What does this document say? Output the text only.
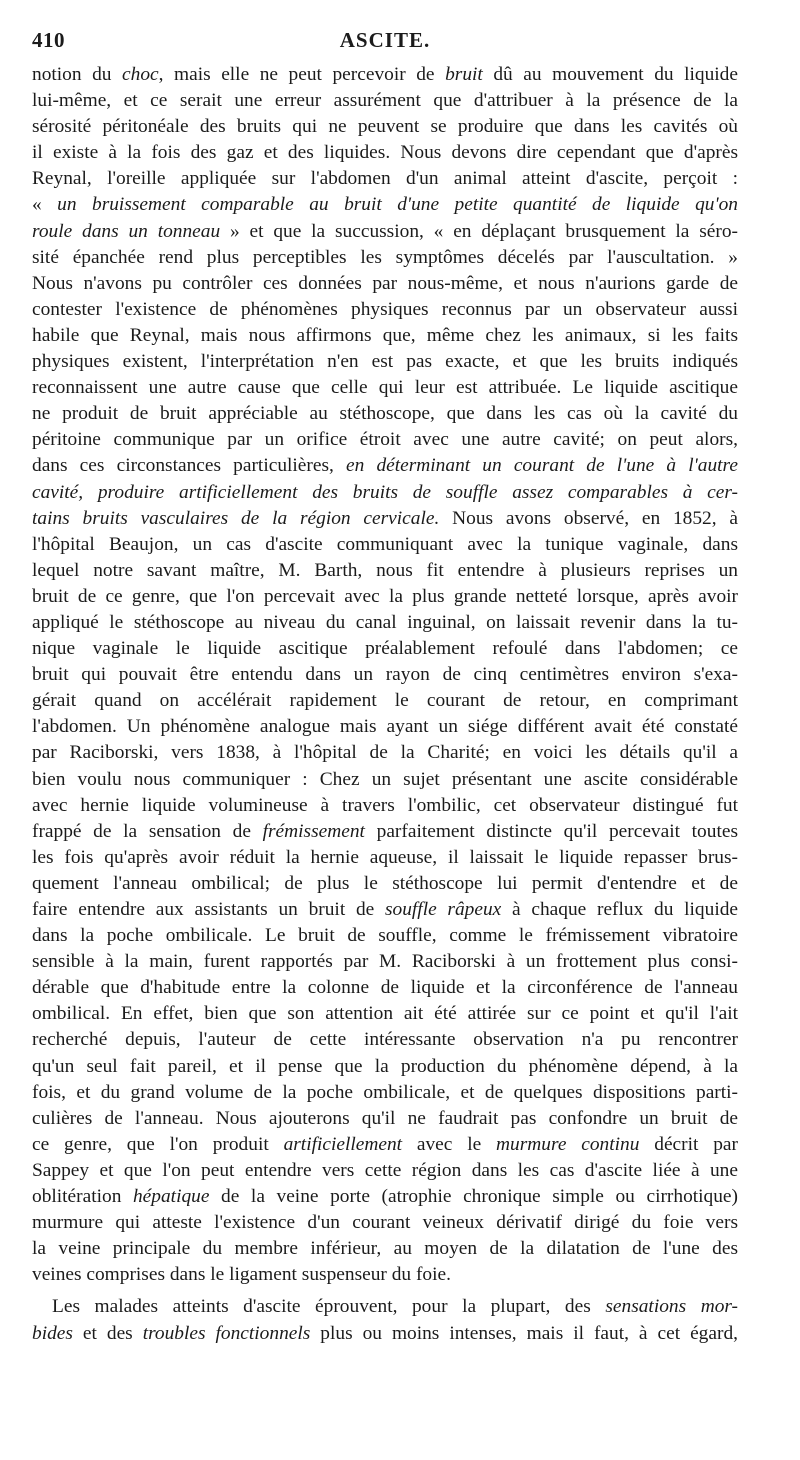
410	ASCITE.
notion du choc, mais elle ne peut percevoir de bruit dû au mouvement du liquide
lui-même, et ce serait une erreur assurément que d'attribuer à la présence de la
sérosité péritonéale des bruits qui ne peuvent se produire que dans les cavités où
il existe à la fois des gaz et des liquides. Nous devons dire cependant que d'après
Reynal, l'oreille appliquée sur l'abdomen d'un animal atteint d'ascite, perçoit :
« un bruissement comparable au bruit d'une petite quantité de liquide qu'on
roule dans un tonneau » et que la succussion, « en déplaçant brusquement la séro-
sité épanchée rend plus perceptibles les symptômes décelés par l'auscultation. »
Nous n'avons pu contrôler ces données par nous-même, et nous n'aurions garde de
contester l'existence de phénomènes physiques reconnus par un observateur aussi
habile que Reynal, mais nous affirmons que, même chez les animaux, si les faits
physiques existent, l'interprétation n'en est pas exacte, et que les bruits indiqués
reconnaissent une autre cause que celle qui leur est attribuée. Le liquide ascitique
ne produit de bruit appréciable au stéthoscope, que dans les cas où la cavité du
péritoine communique par un orifice étroit avec une autre cavité; on peut alors,
dans ces circonstances particulières, en déterminant un courant de l'une à l'autre
cavité, produire artificiellement des bruits de souffle assez comparables à cer-
tains bruits vasculaires de la région cervicale. Nous avons observé, en 1852, à
l'hôpital Beaujon, un cas d'ascite communiquant avec la tunique vaginale, dans
lequel notre savant maître, M. Barth, nous fit entendre à plusieurs reprises un
bruit de ce genre, que l'on percevait avec la plus grande netteté lorsque, après avoir
appliqué le stéthoscope au niveau du canal inguinal, on laissait revenir dans la tu-
nique vaginale le liquide ascitique préalablement refoulé dans l'abdomen; ce
bruit qui pouvait être entendu dans un rayon de cinq centimètres environ s'exa-
gérait quand on accélérait rapidement le courant de retour, en comprimant
l'abdomen. Un phénomène analogue mais ayant un siége différent avait été constaté
par Raciborski, vers 1838, à l'hôpital de la Charité; en voici les détails qu'il a
bien voulu nous communiquer : Chez un sujet présentant une ascite considérable
avec hernie liquide volumineuse à travers l'ombilic, cet observateur distingué fut
frappé de la sensation de frémissement parfaitement distincte qu'il percevait toutes
les fois qu'après avoir réduit la hernie aqueuse, il laissait le liquide repasser brus-
quement l'anneau ombilical; de plus le stéthoscope lui permit d'entendre et de
faire entendre aux assistants un bruit de souffle râpeux à chaque reflux du liquide
dans la poche ombilicale. Le bruit de souffle, comme le frémissement vibratoire
sensible à la main, furent rapportés par M. Raciborski à un frottement plus consi-
dérable que d'habitude entre la colonne de liquide et la circonférence de l'anneau
ombilical. En effet, bien que son attention ait été attirée sur ce point et qu'il l'ait
recherché depuis, l'auteur de cette intéressante observation n'a pu rencontrer
qu'un seul fait pareil, et il pense que la production du phénomène dépend, à la
fois, et du grand volume de la poche ombilicale, et de quelques dispositions parti-
culières de l'anneau. Nous ajouterons qu'il ne faudrait pas confondre un bruit de
ce genre, que l'on produit artificiellement avec le murmure continu décrit par
Sappey et que l'on peut entendre vers cette région dans les cas d'ascite liée à une
oblitération hépatique de la veine porte (atrophie chronique simple ou cirrhotique)
murmure qui atteste l'existence d'un courant veineux dérivatif dirigé du foie vers
la veine principale du membre inférieur, au moyen de la dilatation de l'une des
veines comprises dans le ligament suspenseur du foie.
Les malades atteints d'ascite éprouvent, pour la plupart, des sensations mor-
bides et des troubles fonctionnels plus ou moins intenses, mais il faut, à cet égard,
